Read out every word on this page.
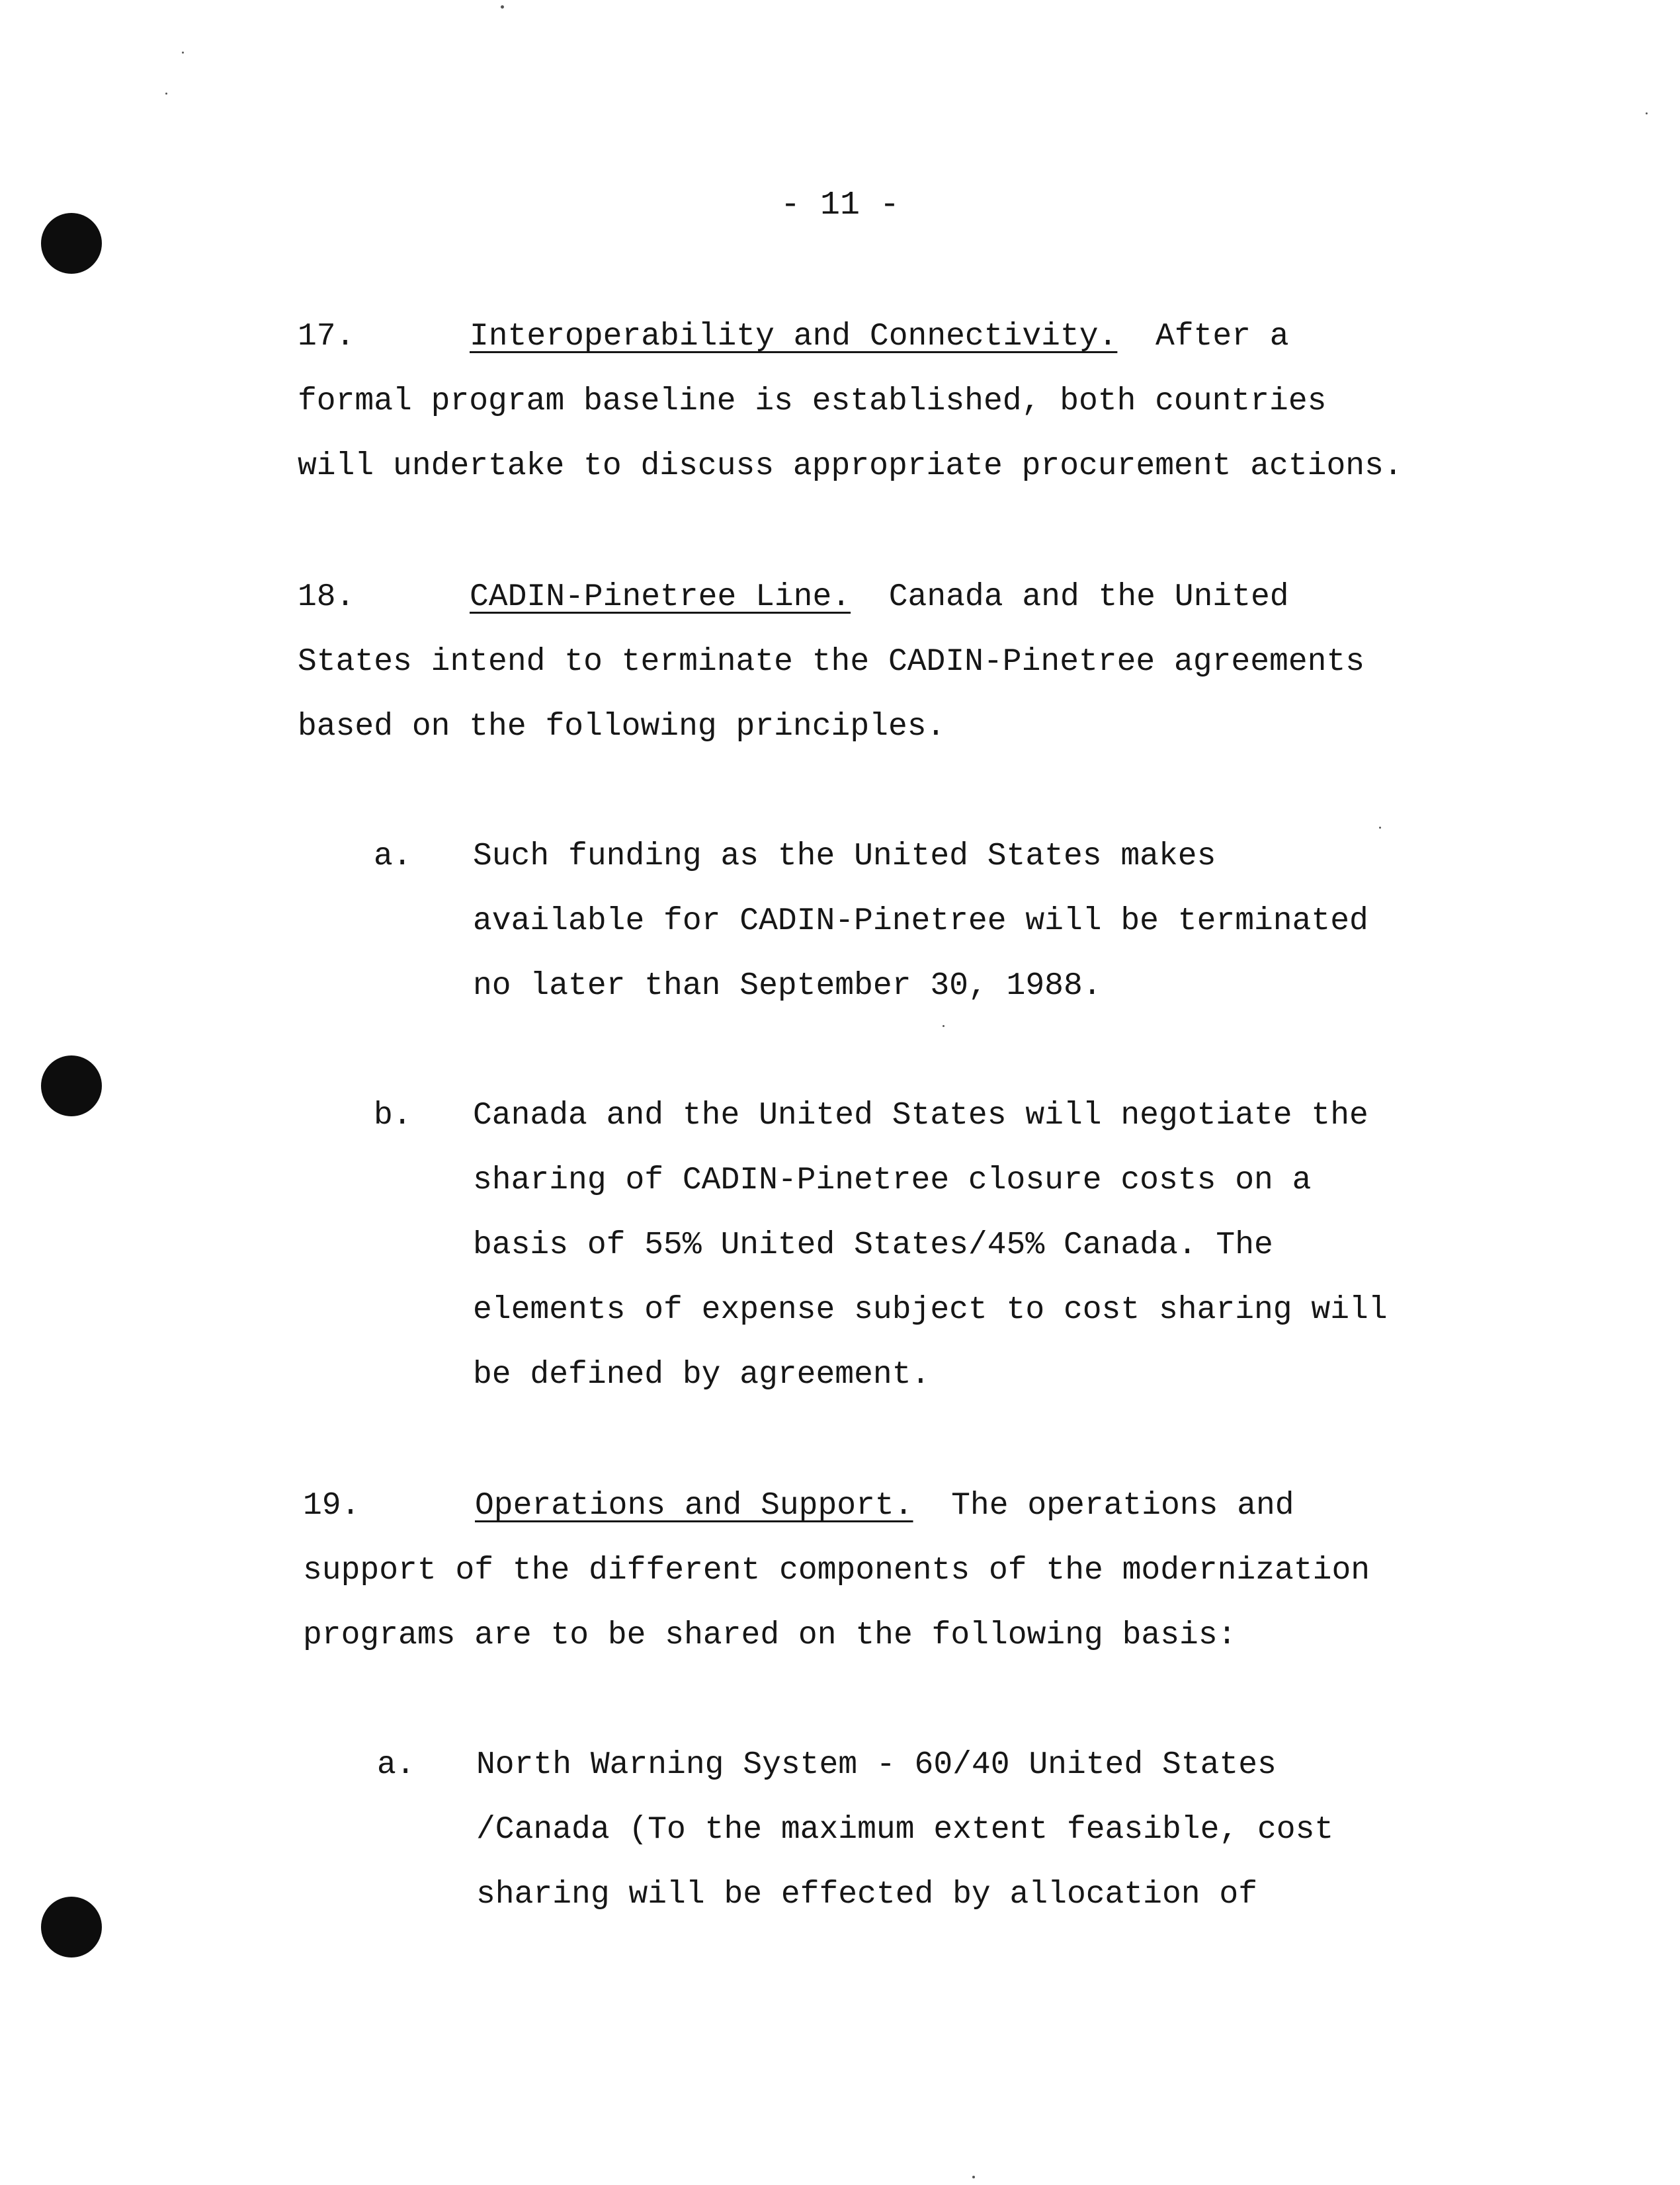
- 11 -
17.	Interoperability and Connectivity. After a
formal program baseline is established, both countries
will undertake to discuss appropriate procurement actions.
18.	CADIN-Pinetree Line. Canada and the United
States intend to terminate the CADIN-Pinetree agreements
based on the following principles.
a. Such funding as the United States makes
available for CADIN-Pinetree will be terminated
no later than September 30, 1988.
b. Canada and the United States will negotiate the
sharing of CADIN-Pinetree closure costs on a
basis of 55% United States/45% Canada. The
elements of expense subject to cost sharing will
be defined by agreement.
19.	Operations and Support. The operations and
support of the different components of the modernization
programs are to be shared on the following basis:
a. North Warning System - 60/40 United States
/Canada (To the maximum extent feasible, cost
sharing will be effected by allocation of
